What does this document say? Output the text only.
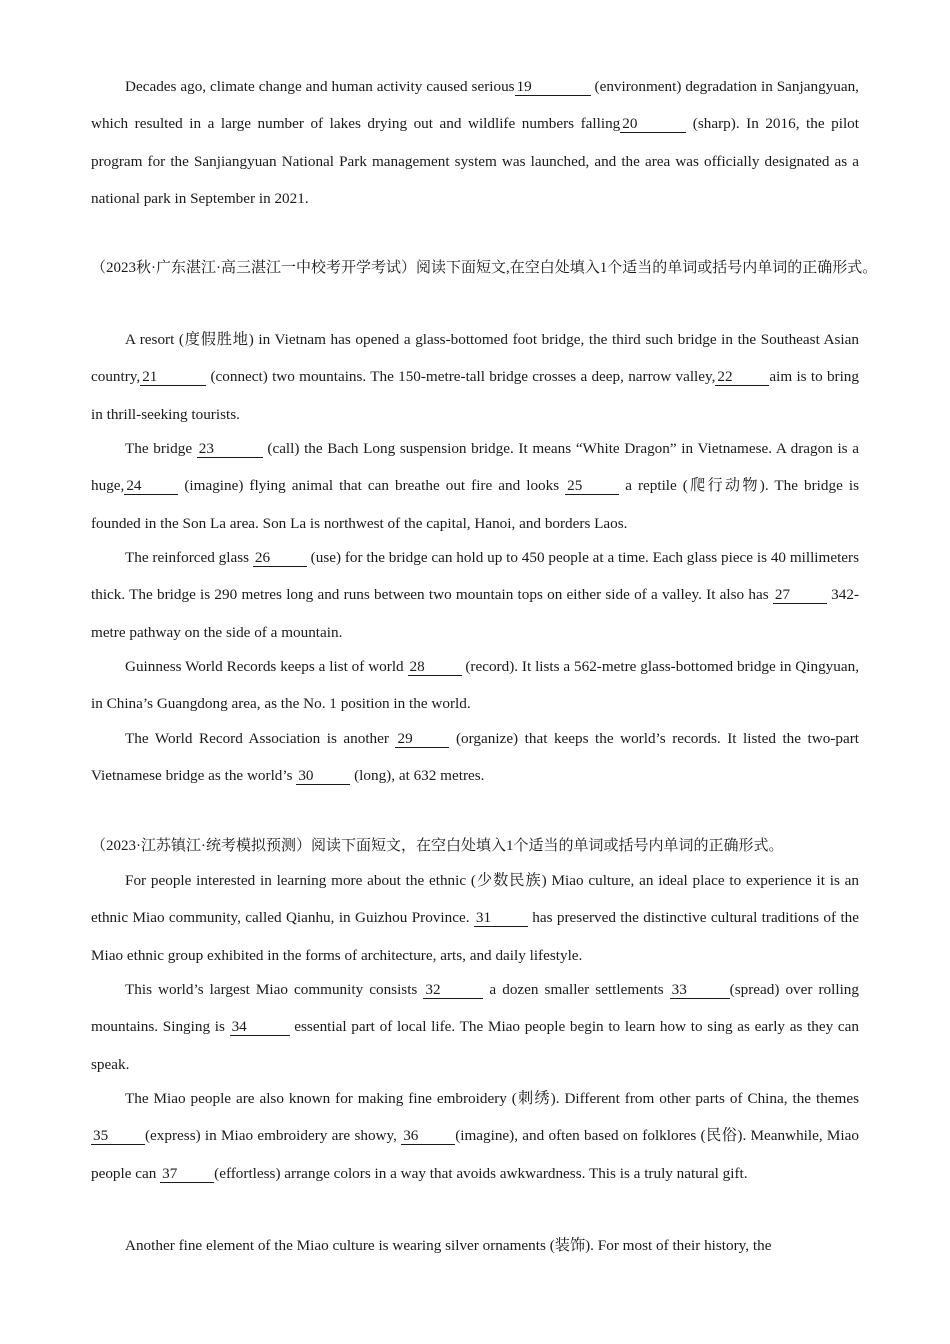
Decades ago, climate change and human activity caused serious 19	(environment) degradation in Sanjangyuan, which resulted in a large number of lakes drying out and wildlife numbers falling 20	(sharp). In 2016, the pilot program for the Sanjiangyuan National Park management system was launched, and the area was officially designated as a national park in September in 2021.

（2023秋·广东湛江·高三湛江一中校考开学考试）阅读下面短文,在空白处填入1个适当的单词或括号内单词的正确形式。

A resort (度假胜地) in Vietnam has opened a glass-bottomed foot bridge, the third such bridge in the Southeast Asian country, 21	(connect) two mountains. The 150-metre-tall bridge crosses a deep, narrow valley, 22 aim is to bring in thrill-seeking tourists.

The bridge 23	(call) the Bach Long suspension bridge. It means “White Dragon” in Vietnamese. A dragon is a huge, 24 (imagine) flying animal that can breathe out fire and looks 25 a reptile (爬行动物). The bridge is founded in the Son La area. Son La is northwest of the capital, Hanoi, and borders Laos.

The reinforced glass 26 (use) for the bridge can hold up to 450 people at a time. Each glass piece is 40 millimeters thick. The bridge is 290 metres long and runs between two mountain tops on either side of a valley. It also has 27 342-metre pathway on the side of a mountain.

Guinness World Records keeps a list of world 28 (record). It lists a 562-metre glass-bottomed bridge in Qingyuan, in China’s Guangdong area, as the No. 1 position in the world.

The World Record Association is another 29 (organize) that keeps the world’s records. It listed the two-part Vietnamese bridge as the world’s 30 (long), at 632 metres.

（2023·江苏镇江·统考模拟预测）阅读下面短文，在空白处填入1个适当的单词或括号内单词的正确形式。

For people interested in learning more about the ethnic (少数民族) Miao culture, an ideal place to experience it is an ethnic Miao community, called Qianhu, in Guizhou Province. 31 has preserved the distinctive cultural traditions of the Miao ethnic group exhibited in the forms of architecture, arts, and daily lifestyle.

This world’s largest Miao community consists 32	a dozen smaller settlements 33	(spread) over rolling mountains. Singing is 34	essential part of local life. The Miao people begin to learn how to sing as early as they can speak.

The Miao people are also known for making fine embroidery (刺绣). Different from other parts of China, the themes 35 (express) in Miao embroidery are showy, 36 (imagine), and often based on folklores (民俗). Meanwhile, Miao people can 37 (effortless) arrange colors in a way that avoids awkwardness. This is a truly natural gift.

Another fine element of the Miao culture is wearing silver ornaments (装饰). For most of their history, the
